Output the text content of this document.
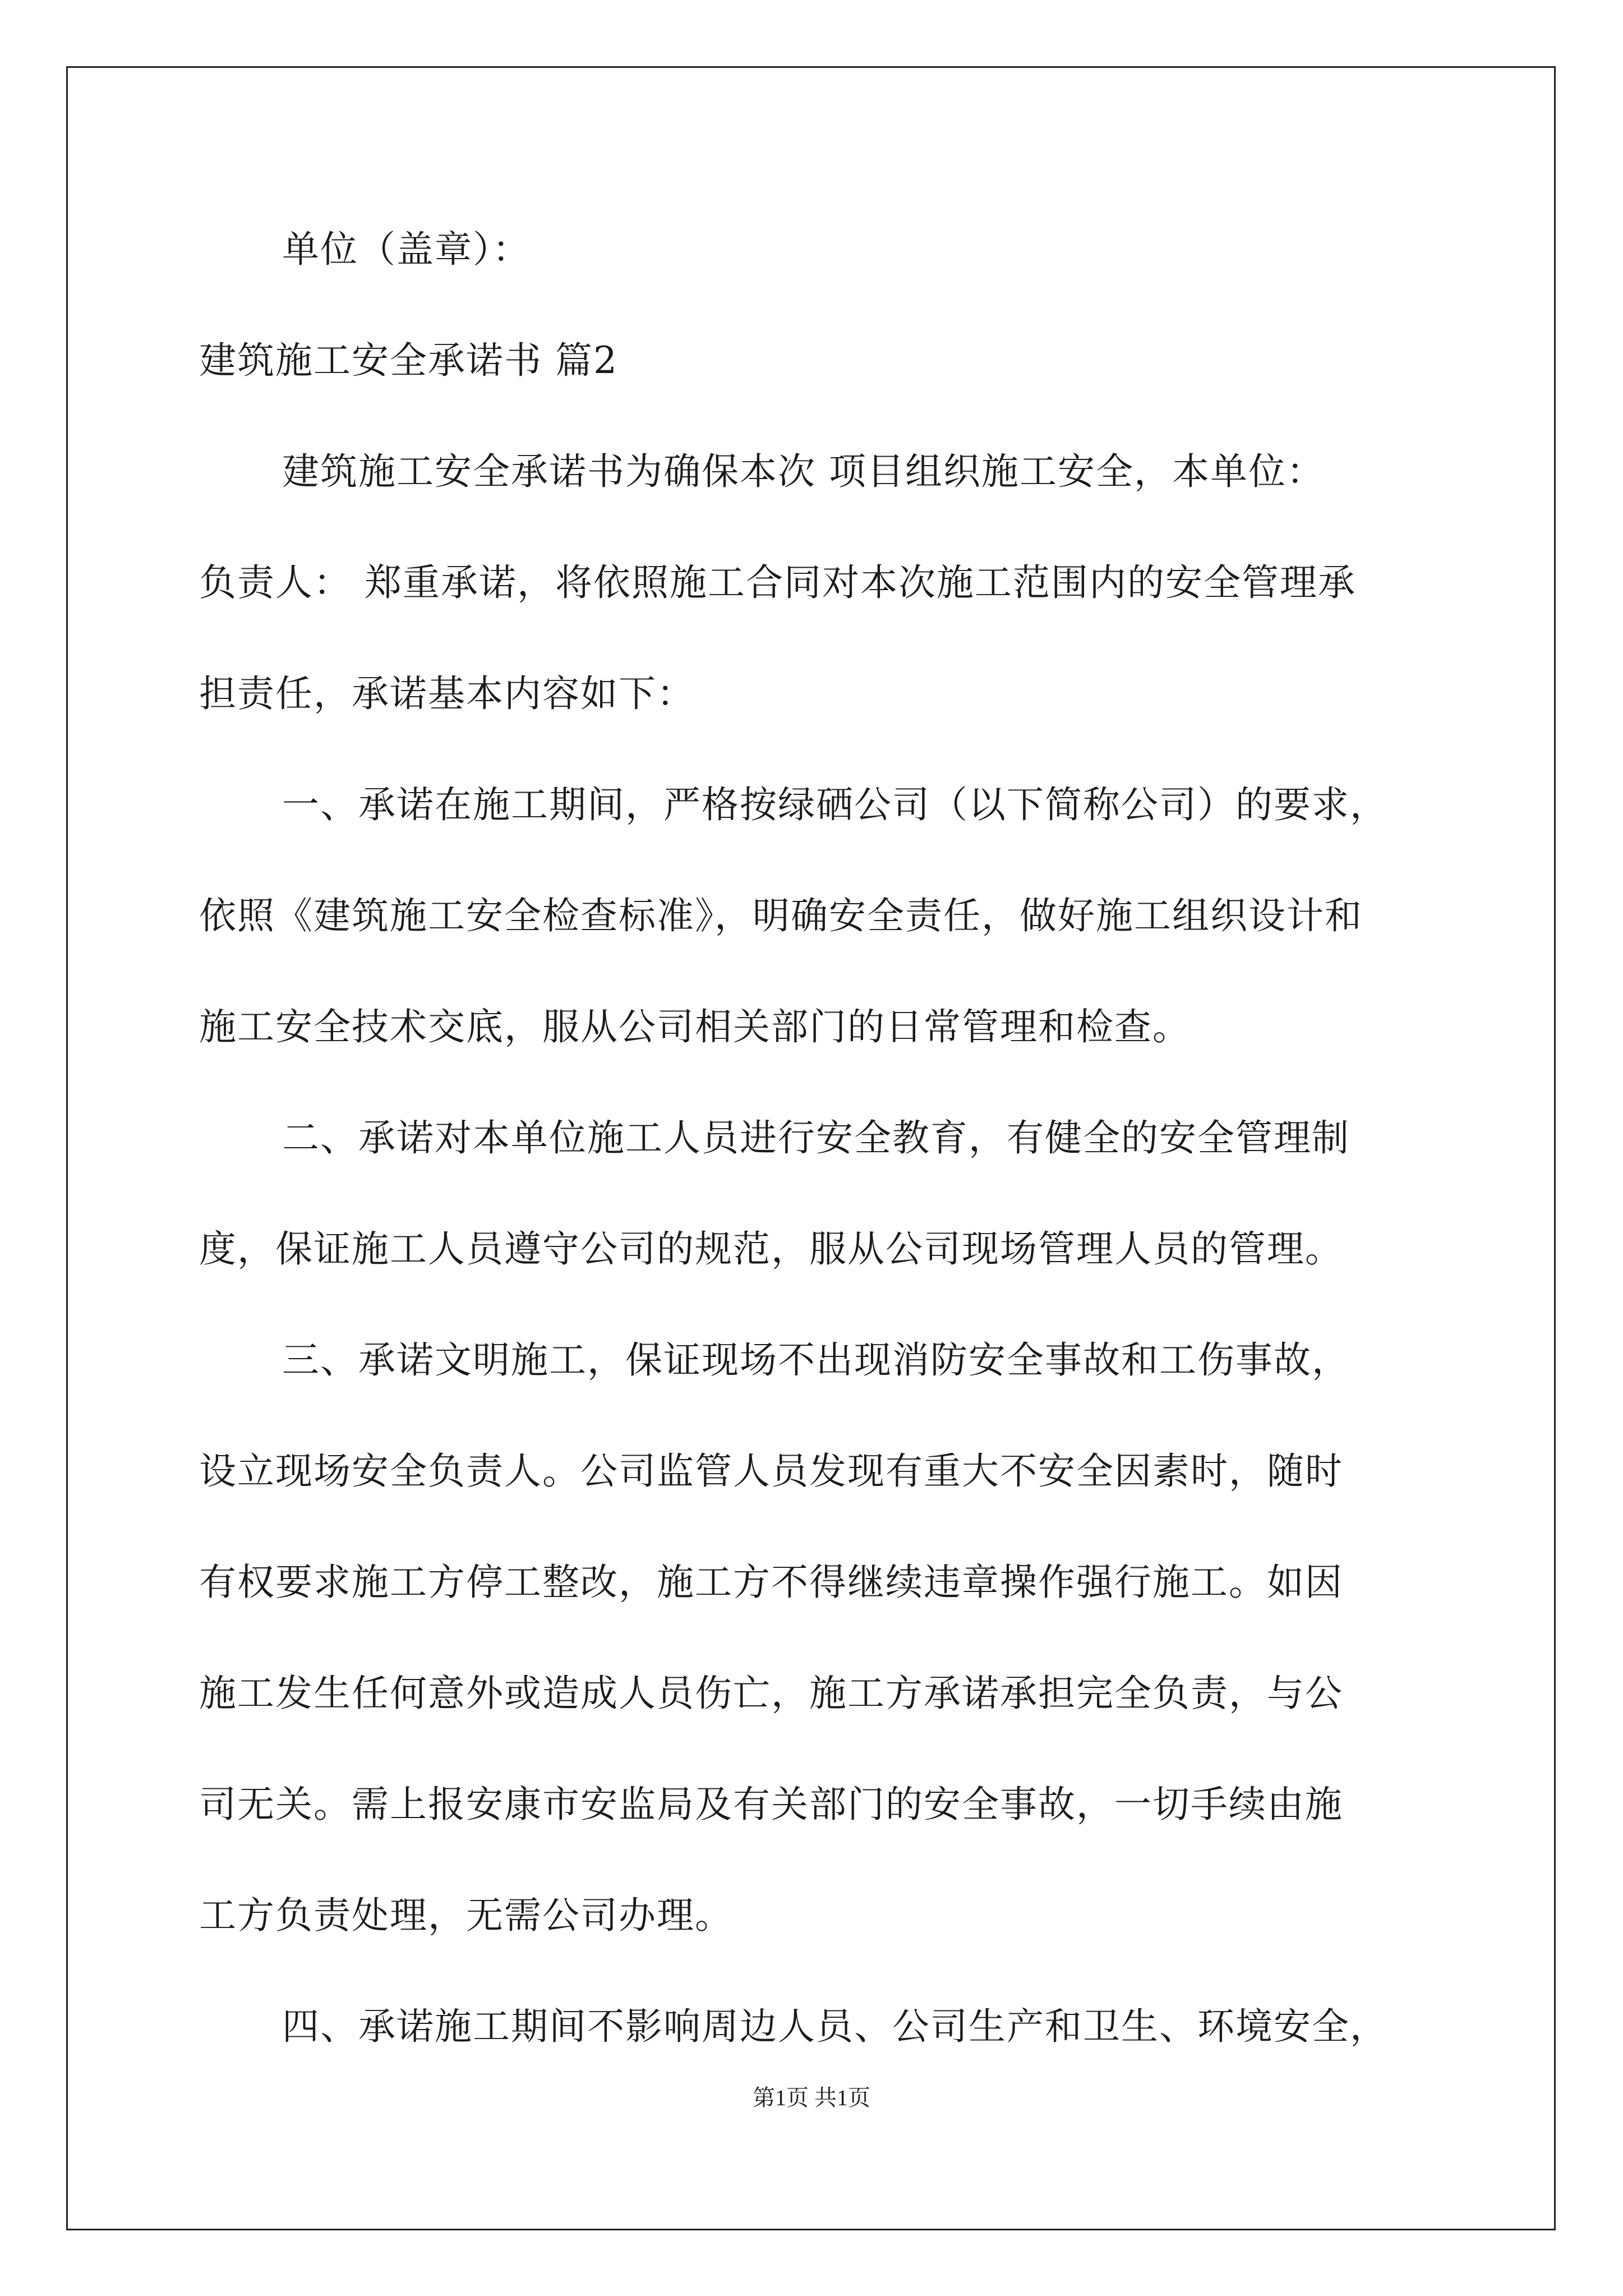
单位（盖章）：
建筑施工安全承诺书 篇2
建筑施工安全承诺书为确保本次 项目组织施工安全，本单位：
负责人： 郑重承诺，将依照施工合同对本次施工范围内的安全管理承
担责任，承诺基本内容如下：
一、承诺在施工期间，严格按绿硒公司（以下简称公司）的要求，
依照《建筑施工安全检查标准》，明确安全责任，做好施工组织设计和
施工安全技术交底，服从公司相关部门的日常管理和检查。
二、承诺对本单位施工人员进行安全教育，有健全的安全管理制
度，保证施工人员遵守公司的规范，服从公司现场管理人员的管理。
三、承诺文明施工，保证现场不出现消防安全事故和工伤事故，
设立现场安全负责人。公司监管人员发现有重大不安全因素时，随时
有权要求施工方停工整改，施工方不得继续违章操作强行施工。如因
施工发生任何意外或造成人员伤亡，施工方承诺承担完全负责，与公
司无关。需上报安康市安监局及有关部门的安全事故，一切手续由施
工方负责处理，无需公司办理。
四、承诺施工期间不影响周边人员、公司生产和卫生、环境安全，
第1页 共1页
